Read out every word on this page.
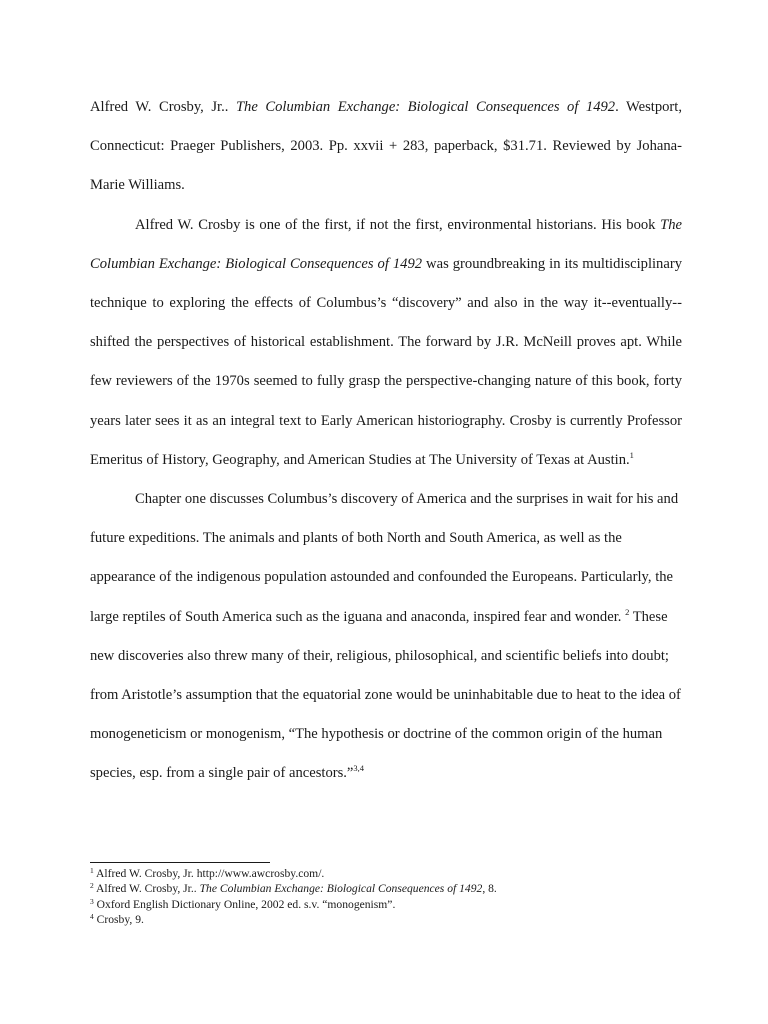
Alfred W. Crosby, Jr.. The Columbian Exchange: Biological Consequences of 1492. Westport, Connecticut: Praeger Publishers, 2003. Pp. xxvii + 283, paperback, $31.71. Reviewed by Johana-Marie Williams.

Alfred W. Crosby is one of the first, if not the first, environmental historians. His book The Columbian Exchange: Biological Consequences of 1492 was groundbreaking in its multidisciplinary technique to exploring the effects of Columbus’s “discovery” and also in the way it--eventually--shifted the perspectives of historical establishment. The forward by J.R. McNeill proves apt. While few reviewers of the 1970s seemed to fully grasp the perspective-changing nature of this book, forty years later sees it as an integral text to Early American historiography. Crosby is currently Professor Emeritus of History, Geography, and American Studies at The University of Texas at Austin.$^1$

Chapter one discusses Columbus’s discovery of America and the surprises in wait for his and future expeditions. The animals and plants of both North and South America, as well as the appearance of the indigenous population astounded and confounded the Europeans. Particularly, the large reptiles of South America such as the iguana and anaconda, inspired fear and wonder. $^2$ These new discoveries also threw many of their, religious, philosophical, and scientific beliefs into doubt; from Aristotle’s assumption that the equatorial zone would be uninhabitable due to heat to the idea of monogeneticism or monogenism, “The hypothesis or doctrine of the common origin of the human species, esp. from a single pair of ancestors.”$^{3,4}$

$^1$ Alfred W. Crosby, Jr. http://www.awcrosby.com/.

$^2$ Alfred W. Crosby, Jr.. The Columbian Exchange: Biological Consequences of 1492, 8.

$^3$ Oxford English Dictionary Online, 2002 ed. s.v. “monogenism”.

$^4$ Crosby, 9.
